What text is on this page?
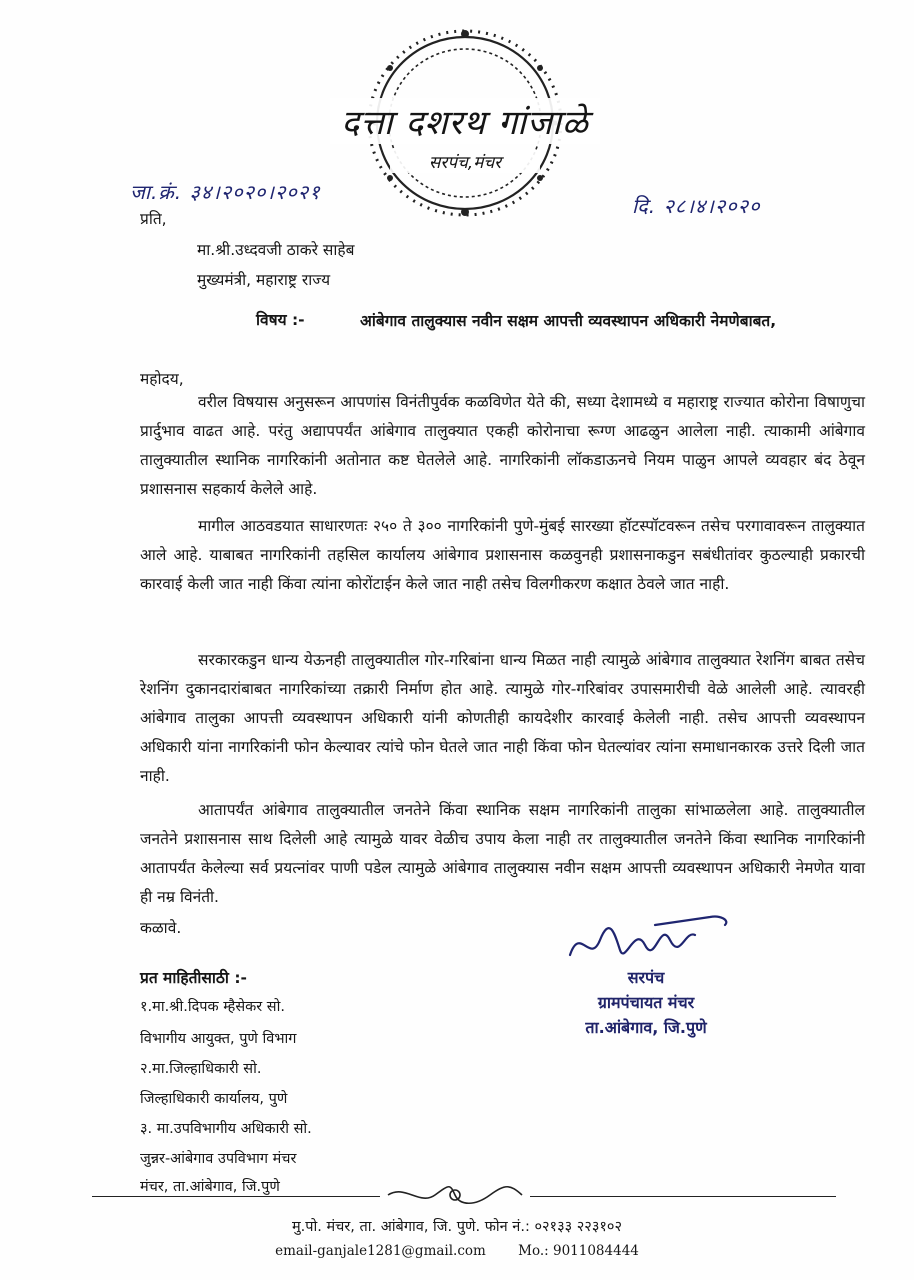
दत्ता दशरथ गांजाळे
सरपंच,मंचर
जा.क्रं. ३४।२०२०।२०२१
दि. २८।४।२०२०
प्रति,
मा.श्री.उध्दवजी ठाकरे साहेब
मुख्यमंत्री, महाराष्ट्र राज्य
विषय :-	आंबेगाव तालुक्यास नवीन सक्षम आपत्ती व्यवस्थापन अधिकारी नेमणेबाबत,
महोदय,
वरील विषयास अनुसरून आपणांस विनंतीपुर्वक कळविणेत येते की, सध्या देशामध्ये व महाराष्ट्र राज्यात कोरोना विषाणुचा प्रार्दुभाव वाढत आहे. परंतु अद्यापपर्यंत आंबेगाव तालुक्यात एकही कोरोनाचा रूग्ण आढळुन आलेला नाही. त्याकामी आंबेगाव तालुक्यातील स्थानिक नागरिकांनी अतोनात कष्ट घेतलेले आहे. नागरिकांनी लॉकडाऊनचे नियम पाळुन आपले व्यवहार बंद ठेवून प्रशासनास सहकार्य केलेले आहे.
मागील आठवडयात साधारणतः २५० ते ३०० नागरिकांनी पुणे-मुंबई सारख्या हॉटस्पॉटवरून तसेच परगावावरून तालुक्यात आले आहे. याबाबत नागरिकांनी तहसिल कार्यालय आंबेगाव प्रशासनास कळवुनही प्रशासनाकडुन सबंधीतांवर कुठल्याही प्रकारची कारवाई केली जात नाही किंवा त्यांना कोरोंटाईन केले जात नाही तसेच विलगीकरण कक्षात ठेवले जात नाही.
सरकारकडुन धान्य येऊनही तालुक्यातील गोर-गरिबांना धान्य मिळत नाही त्यामुळे आंबेगाव तालुक्यात रेशनिंग बाबत तसेच रेशनिंग दुकानदारांबाबत नागरिकांच्या तक्रारी निर्माण होत आहे. त्यामुळे गोर-गरिबांवर उपासमारीची वेळे आलेली आहे. त्यावरही आंबेगाव तालुका आपत्ती व्यवस्थापन अधिकारी यांनी कोणतीही कायदेशीर कारवाई केलेली नाही. तसेच आपत्ती व्यवस्थापन अधिकारी यांना नागरिकांनी फोन केल्यावर त्यांचे फोन घेतले जात नाही किंवा फोन घेतल्यांवर त्यांना समाधानकारक उत्तरे दिली जात नाही.
आतापर्यंत आंबेगाव तालुक्यातील जनतेने किंवा स्थानिक सक्षम नागरिकांनी तालुका सांभाळलेला आहे. तालुक्यातील जनतेने प्रशासनास साथ दिलेली आहे त्यामुळे यावर वेळीच उपाय केला नाही तर तालुक्यातील जनतेने किंवा स्थानिक नागरिकांनी आतापर्यंत केलेल्या सर्व प्रयत्नांवर पाणी पडेल त्यामुळे आंबेगाव तालुक्यास नवीन सक्षम आपत्ती व्यवस्थापन अधिकारी नेमणेत यावा ही नम्र विनंती.
कळावे.
प्रत माहितीसाठी :-
१.मा.श्री.दिपक म्हैसेकर सो.
विभागीय आयुक्त, पुणे विभाग
२.मा.जिल्हाधिकारी सो.
जिल्हाधिकारी कार्यालय, पुणे
३. मा.उपविभागीय अधिकारी सो.
जुन्नर-आंबेगाव उपविभाग मंचर
मंचर, ता.आंबेगाव, जि.पुणे
सरपंच
ग्रामपंचायत मंचर
ता.आंबेगाव, जि.पुणे
मु.पो. मंचर, ता. आंबेगाव, जि. पुणे. फोन नं.: ०२१३३ २२३१०२
email-ganjale1281@gmail.com Mo.: 9011084444
